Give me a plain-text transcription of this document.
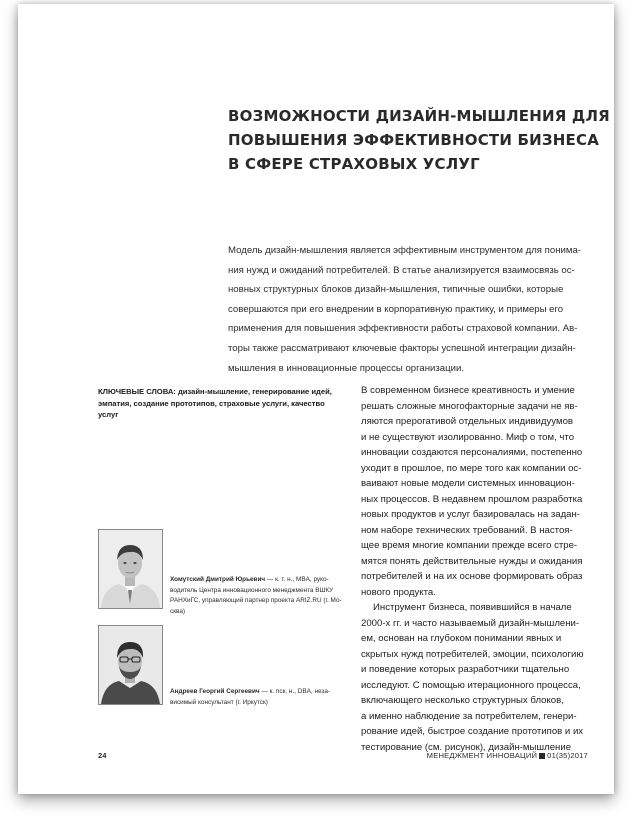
ВОЗМОЖНОСТИ ДИЗАЙН-МЫШЛЕНИЯ ДЛЯ
ПОВЫШЕНИЯ ЭФФЕКТИВНОСТИ БИЗНЕСА
В СФЕРЕ СТРАХОВЫХ УСЛУГ
Модель дизайн-мышления является эффективным инструментом для понима-
ния нужд и ожиданий потребителей. В статье анализируется взаимосвязь ос-
новных структурных блоков дизайн-мышления, типичные ошибки, которые
совершаются при его внедрении в корпоративную практику, и примеры его
применения для повышения эффективности работы страховой компании. Ав-
торы также рассматривают ключевые факторы успешной интеграции дизайн-
мышления в инновационные процессы организации.
КЛЮЧЕВЫЕ СЛОВА: дизайн-мышление, генерирование идей,
эмпатия, создание прототипов, страховые услуги, качество
услуг
Хомутский Дмитрий Юрьевич — к. т. н., MBA, руко-
водитель Центра инновационного менеджмента ВШКУ
РАНХиГС, управляющий партнер проекта ARIZ.RU (г. Мо-
сква)
Андреев Георгий Сергеевич — к. пск. н., DBA, неза-
висимый консультант (г. Иркутск)
В современном бизнесе креативность и умение
решать сложные многофакторные задачи не яв-
ляются прерогативой отдельных индивидуумов
и не существуют изолированно. Миф о том, что
инновации создаются персоналиями, постепенно
уходит в прошлое, по мере того как компании ос-
ваивают новые модели системных инновацион-
ных процессов. В недавнем прошлом разработка
новых продуктов и услуг базировалась на задан-
ном наборе технических требований. В настоя-
щее время многие компании прежде всего стре-
мятся понять действительные нужды и ожидания
потребителей и на их основе формировать образ
нового продукта.
Инструмент бизнеса, появившийся в начале
2000-х гг. и часто называемый дизайн-мышлени-
ем, основан на глубоком понимании явных и
скрытых нужд потребителей, эмоции, психологию
и поведение которых разработчики тщательно
исследуют. С помощью итерационного процесса,
включающего несколько структурных блоков,
а именно наблюдение за потребителем, генери-
рование идей, быстрое создание прототипов и их
тестирование (см. рисунок), дизайн-мышление
24	МЕНЕДЖМЕНТ ИННОВАЦИЙ 01(35)2017
